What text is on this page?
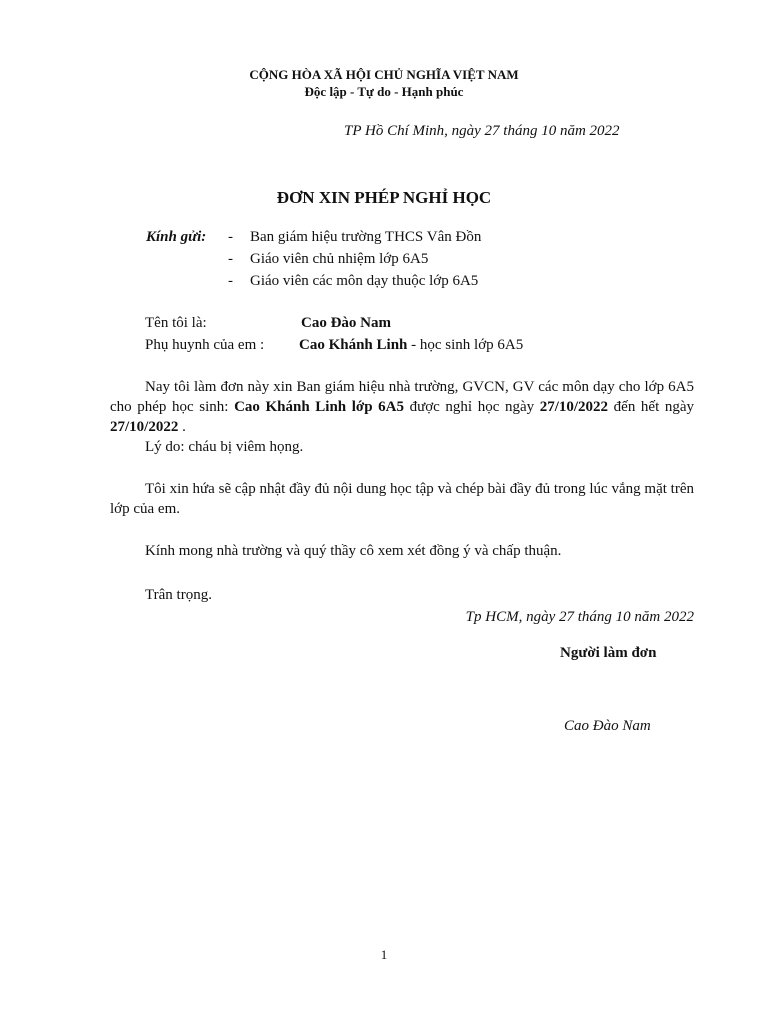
CỘNG HÒA XÃ HỘI CHỦ NGHĨA VIỆT NAM
Độc lập - Tự do - Hạnh phúc
TP Hồ Chí Minh, ngày 27 tháng 10 năm 2022
ĐƠN XIN PHÉP NGHỈ HỌC
Kính gửi: - Ban giám hiệu trường THCS Vân Đồn
- Giáo viên chủ nhiệm lớp 6A5
- Giáo viên các môn dạy thuộc lớp 6A5
Tên tôi là:	Cao Đào Nam
Phụ huynh của em : Cao Khánh Linh - học sinh lớp 6A5

Nay tôi làm đơn này xin Ban giám hiệu nhà trường, GVCN, GV các môn dạy cho lớp 6A5 cho phép học sinh: Cao Khánh Linh lớp 6A5 được nghỉ học ngày 27/10/2022 đến hết ngày 27/10/2022 .

Lý do: cháu bị viêm họng.

Tôi xin hứa sẽ cập nhật đầy đủ nội dung học tập và chép bài đầy đủ trong lúc vắng mặt trên lớp của em.

Kính mong nhà trường và quý thầy cô xem xét đồng ý và chấp thuận.
Trân trọng.
Tp HCM, ngày 27 tháng 10 năm 2022
Người làm đơn
Cao Đào Nam
1
